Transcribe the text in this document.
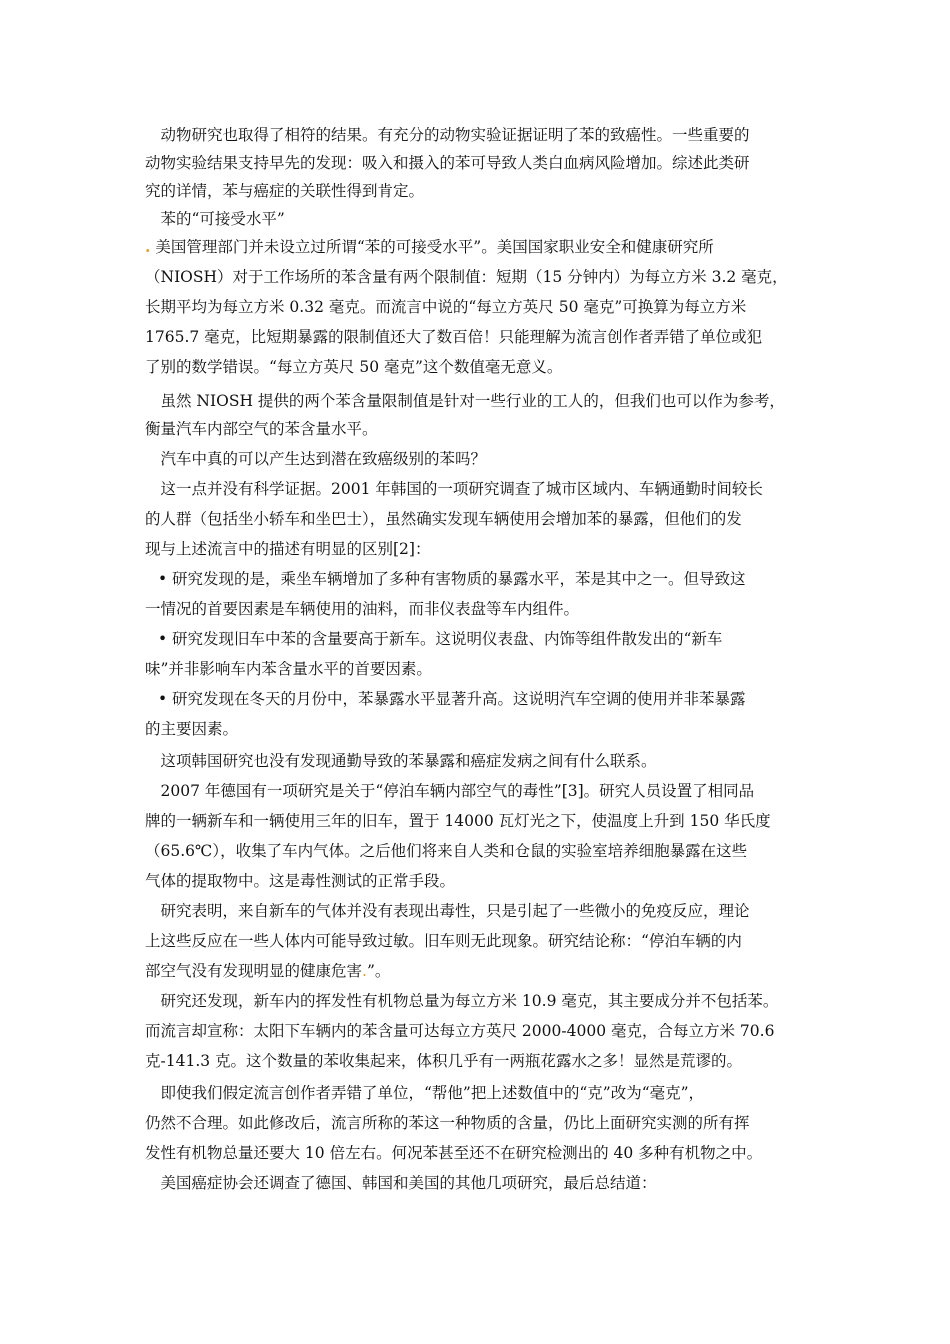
　动物研究也取得了相符的结果。有充分的动物实验证据证明了苯的致癌性。一些重要的
动物实验结果支持早先的发现：吸入和摄入的苯可导致人类白血病风险增加。综述此类研
究的详情，苯与癌症的关联性得到肯定。
　苯的“可接受水平”
. 美国管理部门并未设立过所谓“苯的可接受水平”。美国国家职业安全和健康研究所
（NIOSH）对于工作场所的苯含量有两个限制值：短期（15 分钟内）为每立方米 3.2 毫克，
长期平均为每立方米 0.32 毫克。而流言中说的“每立方英尺 50 毫克”可换算为每立方米
1765.7 毫克，比短期暴露的限制值还大了数百倍！只能理解为流言创作者弄错了单位或犯
了别的数学错误。“每立方英尺 50 毫克”这个数值毫无意义。
　虽然 NIOSH 提供的两个苯含量限制值是针对一些行业的工人的，但我们也可以作为参考，
衡量汽车内部空气的苯含量水平。
　汽车中真的可以产生达到潜在致癌级别的苯吗？
　这一点并没有科学证据。2001 年韩国的一项研究调查了城市区域内、车辆通勤时间较长
的人群（包括坐小轿车和坐巴士），虽然确实发现车辆使用会增加苯的暴露，但他们的发
现与上述流言中的描述有明显的区别[2]：
• 研究发现的是，乘坐车辆增加了多种有害物质的暴露水平，苯是其中之一。但导致这
一情况的首要因素是车辆使用的油料，而非仪表盘等车内组件。
• 研究发现旧车中苯的含量要高于新车。这说明仪表盘、内饰等组件散发出的“新车
味”并非影响车内苯含量水平的首要因素。
• 研究发现在冬天的月份中，苯暴露水平显著升高。这说明汽车空调的使用并非苯暴露
的主要因素。
　这项韩国研究也没有发现通勤导致的苯暴露和癌症发病之间有什么联系。
　2007 年德国有一项研究是关于“停泊车辆内部空气的毒性”[3]。研究人员设置了相同品
牌的一辆新车和一辆使用三年的旧车，置于 14000 瓦灯光之下，使温度上升到 150 华氏度
（65.6℃），收集了车内气体。之后他们将来自人类和仓鼠的实验室培养细胞暴露在这些
气体的提取物中。这是毒性测试的正常手段。
　研究表明，来自新车的气体并没有表现出毒性，只是引起了一些微小的免疫反应，理论
上这些反应在一些人体内可能导致过敏。旧车则无此现象。研究结论称：“停泊车辆的内
部空气没有发现明显的健康危害.”。
　研究还发现，新车内的挥发性有机物总量为每立方米 10.9 毫克，其主要成分并不包括苯。
而流言却宣称：太阳下车辆内的苯含量可达每立方英尺 2000-4000 毫克，合每立方米 70.6
克-141.3 克。这个数量的苯收集起来，体积几乎有一两瓶花露水之多！显然是荒谬的。
　即使我们假定流言创作者弄错了单位，“帮他”把上述数值中的“克”改为“毫克”，
仍然不合理。如此修改后，流言所称的苯这一种物质的含量，仍比上面研究实测的所有挥
发性有机物总量还要大 10 倍左右。何况苯甚至还不在研究检测出的 40 多种有机物之中。
　美国癌症协会还调查了德国、韩国和美国的其他几项研究，最后总结道：
